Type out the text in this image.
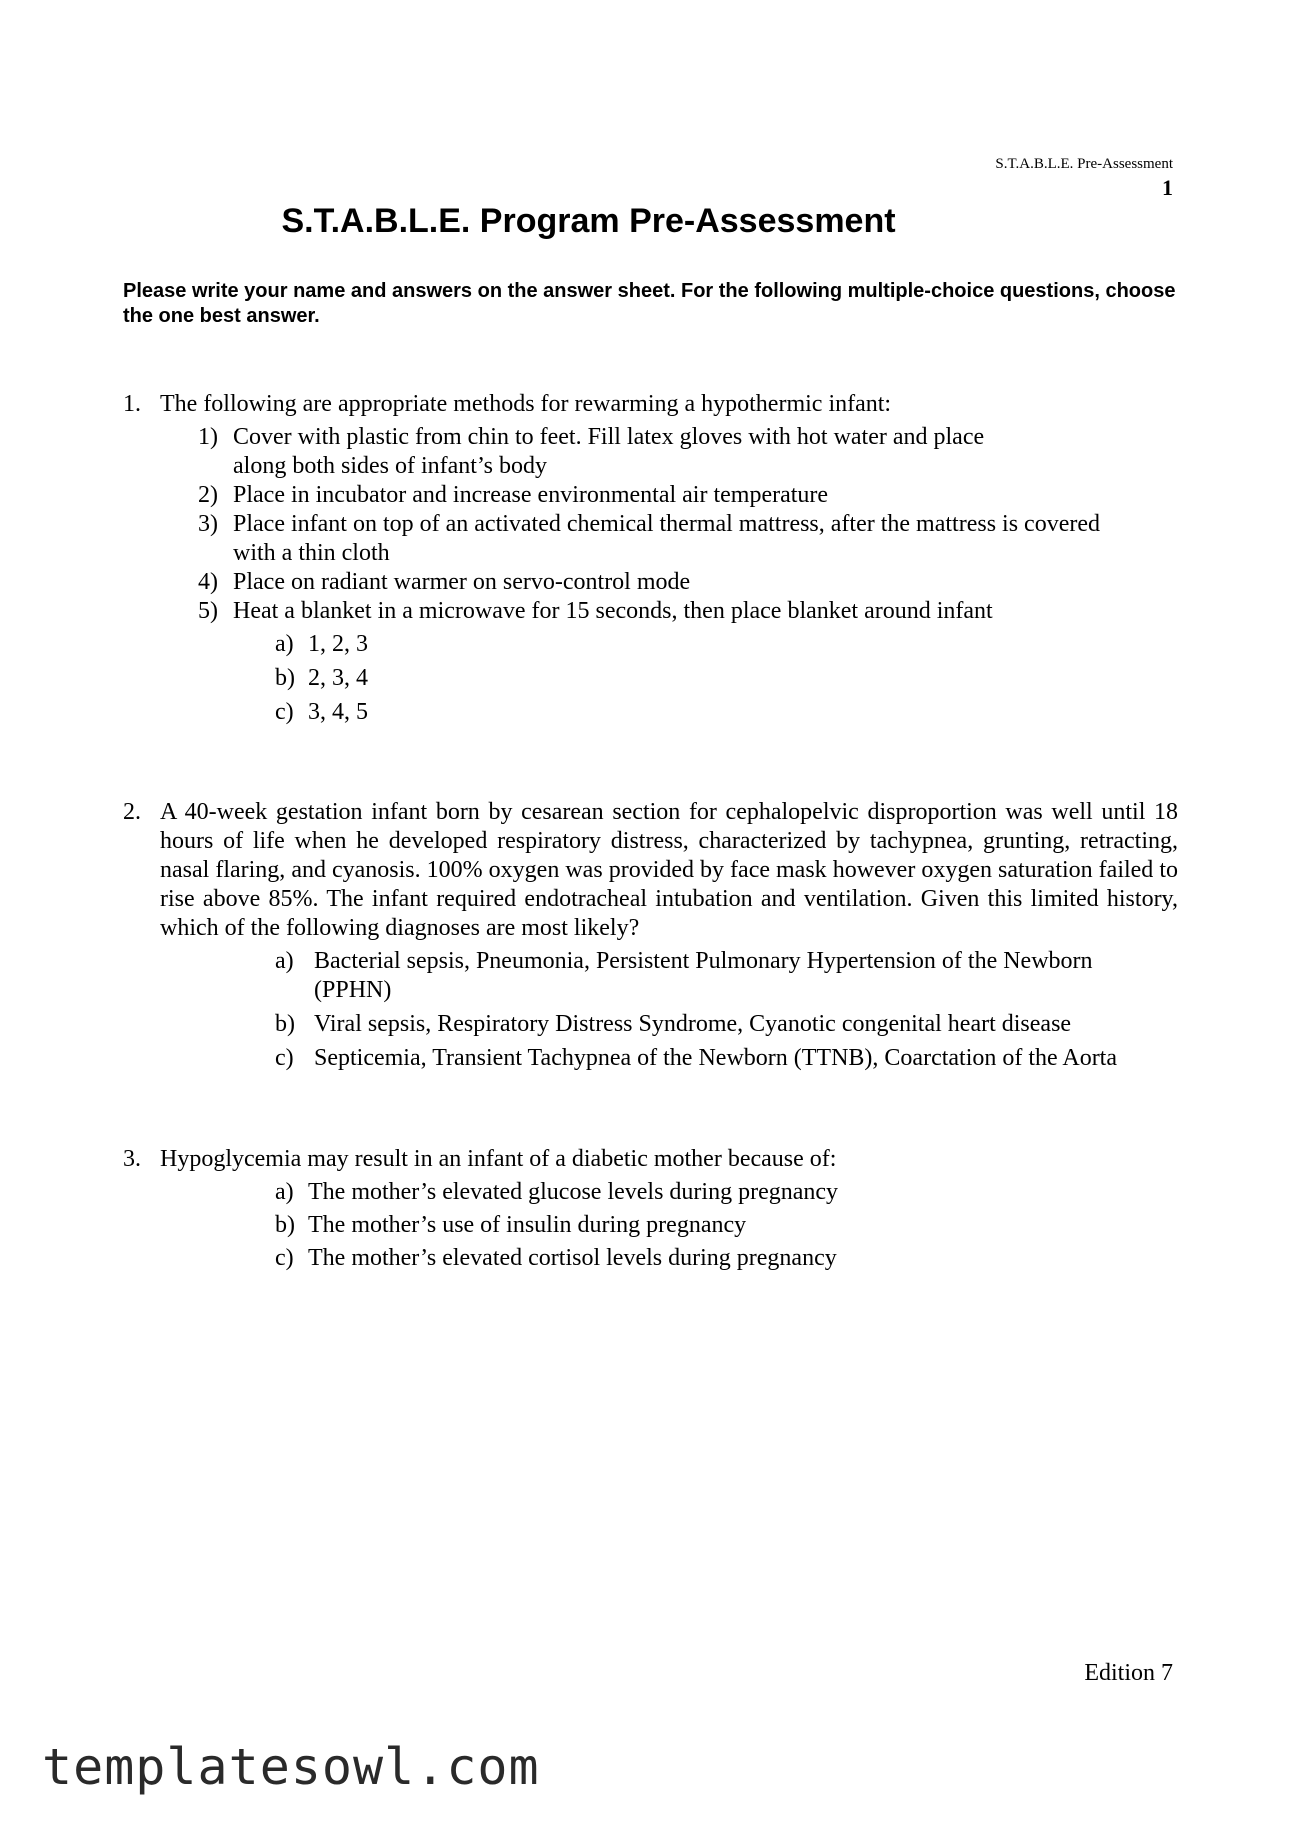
S.T.A.B.L.E. Pre-Assessment
1
S.T.A.B.L.E. Program Pre-Assessment
Please write your name and answers on the answer sheet. For the following multiple-choice questions, choose the one best answer.
1. The following are appropriate methods for rewarming a hypothermic infant:
1) Cover with plastic from chin to feet. Fill latex gloves with hot water and place along both sides of infant’s body
2) Place in incubator and increase environmental air temperature
3) Place infant on top of an activated chemical thermal mattress, after the mattress is covered with a thin cloth
4) Place on radiant warmer on servo-control mode
5) Heat a blanket in a microwave for 15 seconds, then place blanket around infant
a) 1, 2, 3
b) 2, 3, 4
c) 3, 4, 5
2. A 40-week gestation infant born by cesarean section for cephalopelvic disproportion was well until 18 hours of life when he developed respiratory distress, characterized by tachypnea, grunting, retracting, nasal flaring, and cyanosis. 100% oxygen was provided by face mask however oxygen saturation failed to rise above 85%. The infant required endotracheal intubation and ventilation. Given this limited history, which of the following diagnoses are most likely?
a) Bacterial sepsis, Pneumonia, Persistent Pulmonary Hypertension of the Newborn (PPHN)
b) Viral sepsis, Respiratory Distress Syndrome, Cyanotic congenital heart disease
c) Septicemia, Transient Tachypnea of the Newborn (TTNB), Coarctation of the Aorta
3. Hypoglycemia may result in an infant of a diabetic mother because of:
a) The mother’s elevated glucose levels during pregnancy
b) The mother’s use of insulin during pregnancy
c) The mother’s elevated cortisol levels during pregnancy
Edition 7
templatesowl.com
